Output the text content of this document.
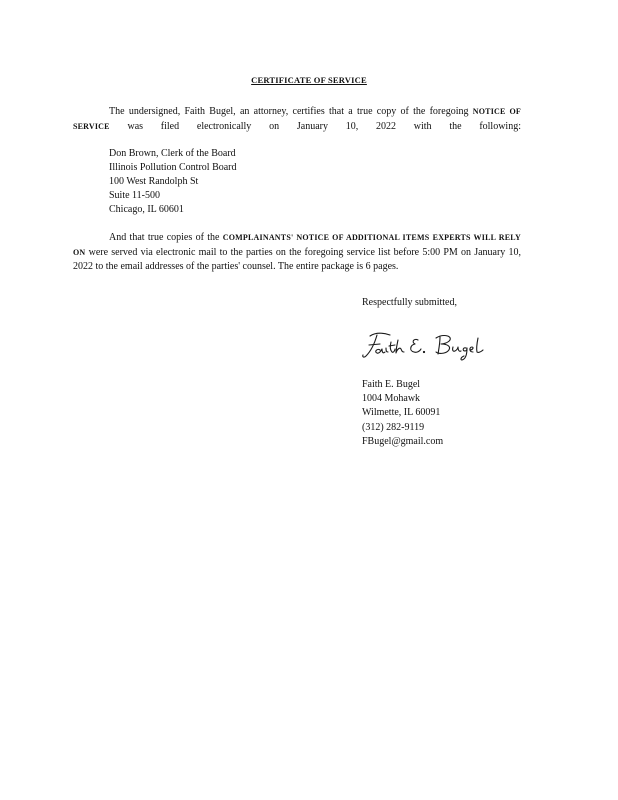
CERTIFICATE OF SERVICE
The undersigned, Faith Bugel, an attorney, certifies that a true copy of the foregoing NOTICE OF SERVICE was filed electronically on January 10, 2022 with the following:
Don Brown, Clerk of the Board
Illinois Pollution Control Board
100 West Randolph St
Suite 11-500
Chicago, IL 60601
And that true copies of the COMPLAINANTS' NOTICE OF ADDITIONAL ITEMS EXPERTS WILL RELY ON were served via electronic mail to the parties on the foregoing service list before 5:00 PM on January 10, 2022 to the email addresses of the parties' counsel. The entire package is 6 pages.
Respectfully submitted,
Faith E. Bugel
1004 Mohawk
Wilmette, IL 60091
(312) 282-9119
FBugel@gmail.com
